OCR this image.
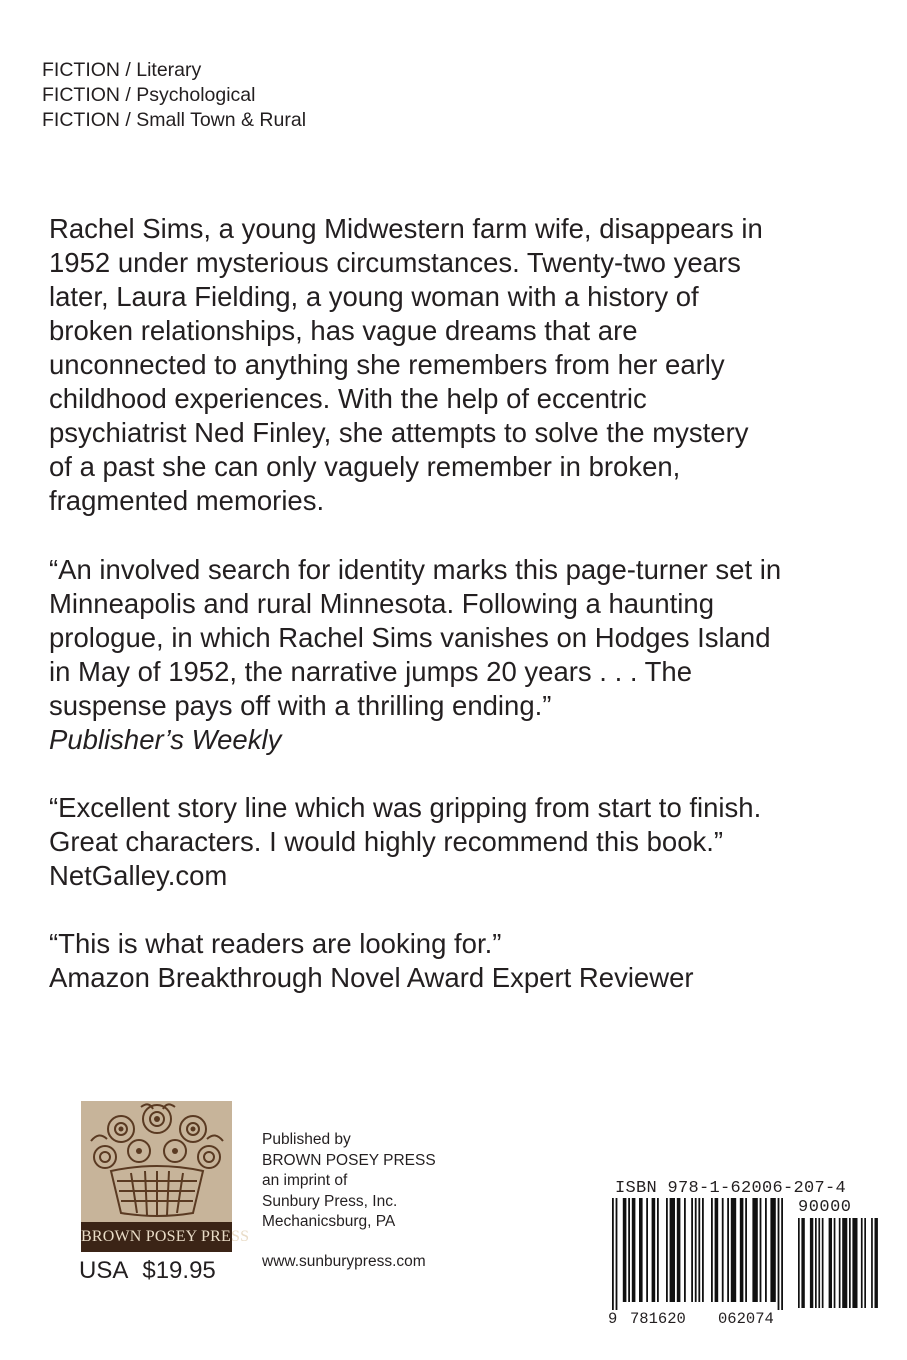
FICTION / Literary
FICTION / Psychological
FICTION / Small Town & Rural
Rachel Sims, a young Midwestern farm wife, disappears in
1952 under mysterious circumstances. Twenty-two years
later, Laura Fielding, a young woman with a history of
broken relationships, has vague dreams that are
unconnected to anything she remembers from her early
childhood experiences. With the help of eccentric
psychiatrist Ned Finley, she attempts to solve the mystery
of a past she can only vaguely remember in broken,
fragmented memories.
“An involved search for identity marks this page-turner set in
Minneapolis and rural Minnesota. Following a haunting
prologue, in which Rachel Sims vanishes on Hodges Island
in May of 1952, the narrative jumps 20 years . . . The
suspense pays off with a thrilling ending.”
Publisher’s Weekly
“Excellent story line which was gripping from start to finish.
Great characters. I would highly recommend this book.”
NetGalley.com
“This is what readers are looking for.”
Amazon Breakthrough Novel Award Expert Reviewer
BROWN POSEY PRESS
USA $19.95
Published by
BROWN POSEY PRESS
an imprint of
Sunbury Press, Inc.
Mechanicsburg, PA
www.sunburypress.com
ISBN 978-1-62006-207-4
90000
9 781620 062074
